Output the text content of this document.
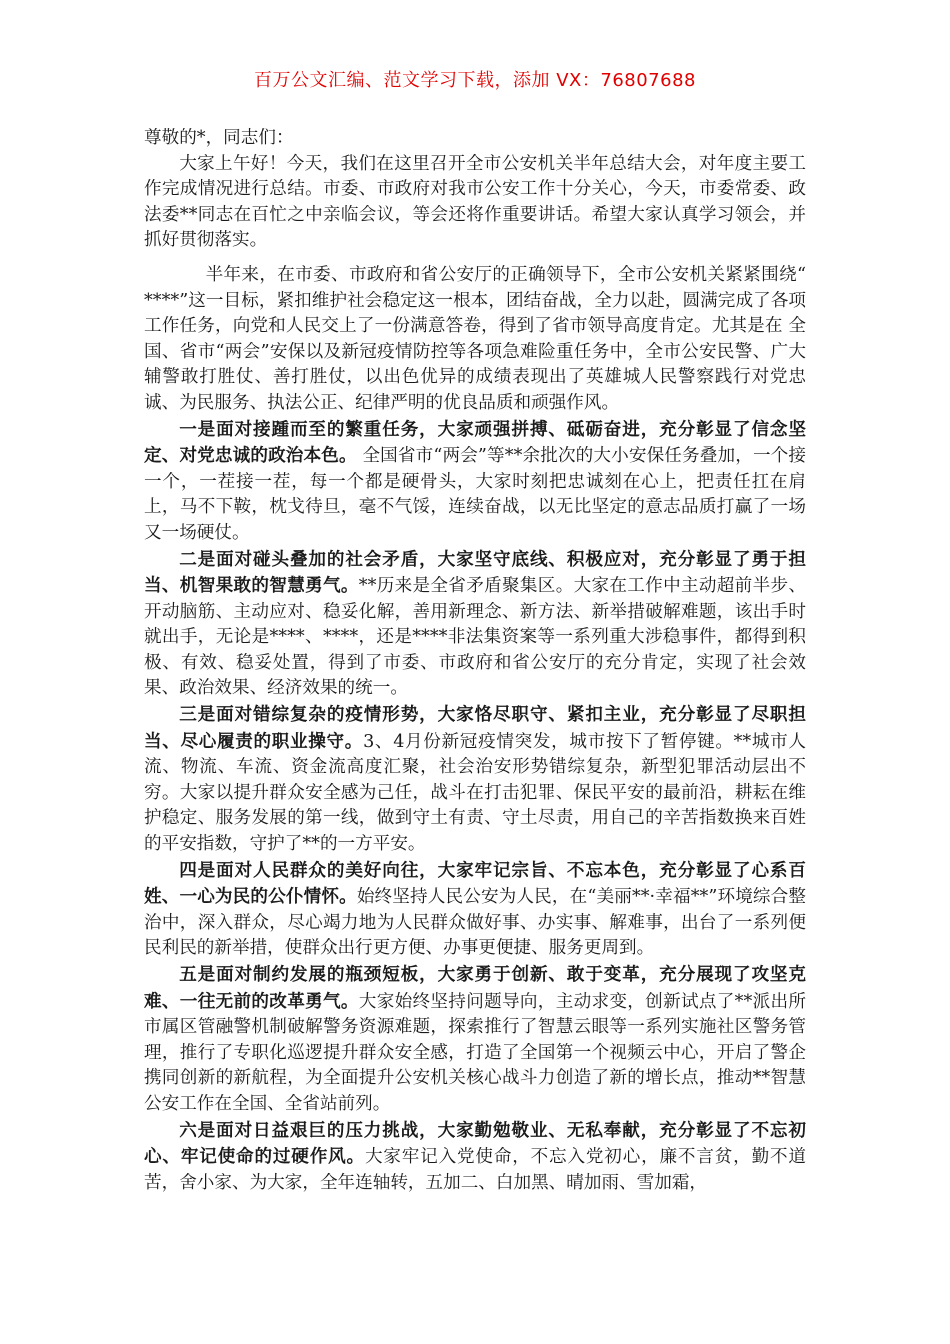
百万公文汇编、范文学习下载，添加 VX：76807688

尊敬的*，同志们：

大家上午好！今天，我们在这里召开全市公安机关半年总结大会，对年度主要工作完成情况进行总结。市委、市政府对我市公安工作十分关心，今天，市委常委、政法委**同志在百忙之中亲临会议，等会还将作重要讲话。希望大家认真学习领会，并抓好贯彻落实。

半年来，在市委、市政府和省公安厅的正确领导下，全市公安机关紧紧围绕“ ****”这一目标，紧扣维护社会稳定这一根本，团结奋战，全力以赴，圆满完成了各项工作任务，向党和人民交上了一份满意答卷，得到了省市领导高度肯定。尤其是在 全国、省市“两会”安保以及新冠疫情防控等各项急难险重任务中，全市公安民警、广大辅警敢打胜仗、善打胜仗，以出色优异的成绩表现出了英雄城人民警察践行对党忠诚、为民服务、执法公正、纪律严明的优良品质和顽强作风。

一是面对接踵而至的繁重任务，大家顽强拼搏、砥砺奋进，充分彰显了信念坚定、对党忠诚的政治本色。 全国省市“两会”等**余批次的大小安保任务叠加，一个接一个，一茬接一茬，每一个都是硬骨头，大家时刻把忠诚刻在心上，把责任扛在肩上，马不下鞍，枕戈待旦，毫不气馁，连续奋战，以无比坚定的意志品质打赢了一场又一场硬仗。

二是面对碰头叠加的社会矛盾，大家坚守底线、积极应对，充分彰显了勇于担当、机智果敢的智慧勇气。**历来是全省矛盾聚集区。大家在工作中主动超前半步、开动脑筋、主动应对、稳妥化解，善用新理念、新方法、新举措破解难题，该出手时就出手，无论是****、****，还是****非法集资案等一系列重大涉稳事件，都得到积极、有效、稳妥处置，得到了市委、市政府和省公安厅的充分肯定，实现了社会效果、政治效果、经济效果的统一。

三是面对错综复杂的疫情形势，大家恪尽职守、紧扣主业，充分彰显了尽职担当、尽心履责的职业操守。3、4月份新冠疫情突发，城市按下了暂停键。**城市人流、物流、车流、资金流高度汇聚，社会治安形势错综复杂，新型犯罪活动层出不穷。大家以提升群众安全感为己任，战斗在打击犯罪、保民平安的最前沿，耕耘在维护稳定、服务发展的第一线，做到守土有责、守土尽责，用自己的辛苦指数换来百姓的平安指数，守护了**的一方平安。

四是面对人民群众的美好向往，大家牢记宗旨、不忘本色，充分彰显了心系百姓、一心为民的公仆情怀。始终坚持人民公安为人民，在“美丽**·幸福**”环境综合整治中，深入群众，尽心竭力地为人民群众做好事、办实事、解难事，出台了一系列便民利民的新举措，使群众出行更方便、办事更便捷、服务更周到。

五是面对制约发展的瓶颈短板，大家勇于创新、敢于变革，充分展现了攻坚克难、一往无前的改革勇气。大家始终坚持问题导向，主动求变，创新试点了**派出所市属区管融警机制破解警务资源难题，探索推行了智慧云眼等一系列实施社区警务管理，推行了专职化巡逻提升群众安全感，打造了全国第一个视频云中心，开启了警企携同创新的新航程，为全面提升公安机关核心战斗力创造了新的增长点，推动**智慧公安工作在全国、全省站前列。

六是面对日益艰巨的压力挑战，大家勤勉敬业、无私奉献，充分彰显了不忘初心、牢记使命的过硬作风。大家牢记入党使命，不忘入党初心，廉不言贫，勤不道苦，舍小家、为大家，全年连轴转，五加二、白加黑、晴加雨、雪加霜，
